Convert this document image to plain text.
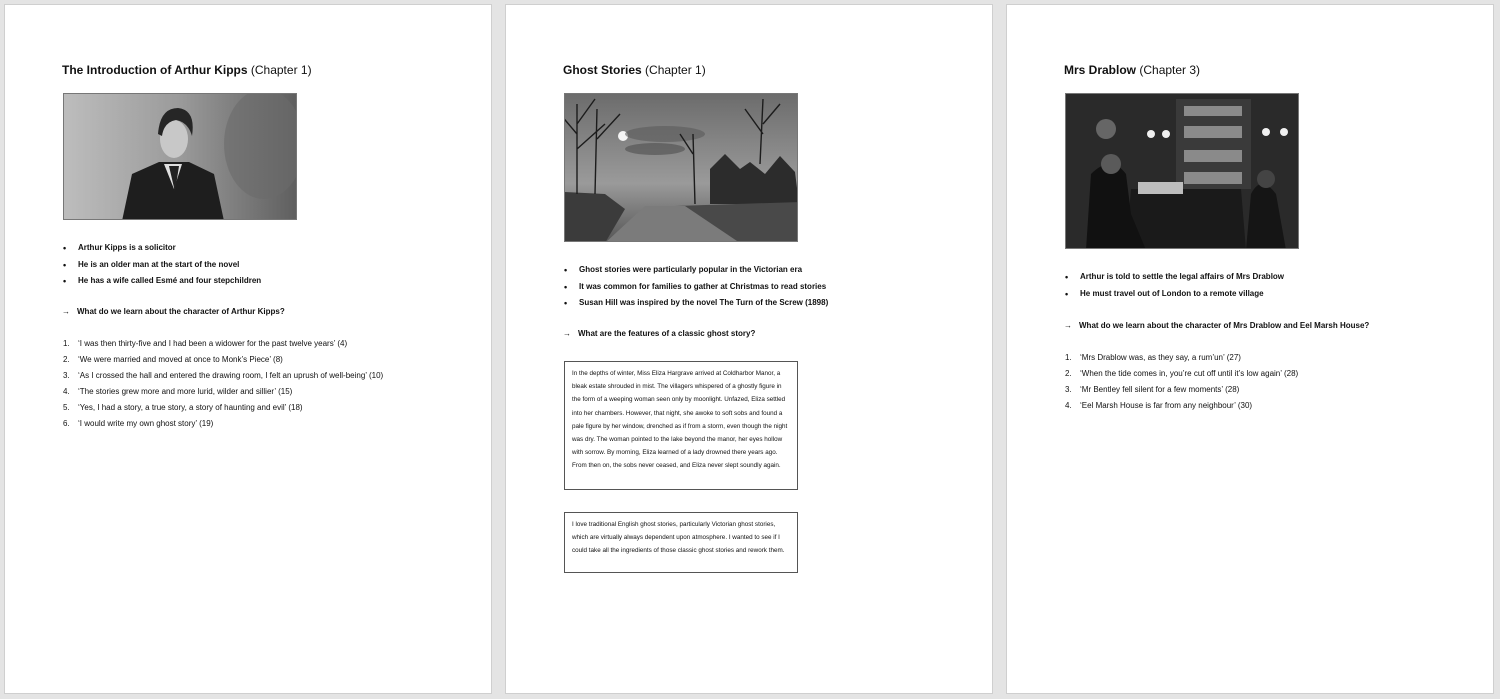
The Introduction of Arthur Kipps (Chapter 1)
• Arthur Kipps is a solicitor
• He is an older man at the start of the novel
• He has a wife called Esmé and four stepchildren
→ What do we learn about the character of Arthur Kipps?
1. ‘I was then thirty-five and I had been a widower for the past twelve years’ (4)
2. ‘We were married and moved at once to Monk’s Piece’ (8)
3. ‘As I crossed the hall and entered the drawing room, I felt an uprush of well-being’ (10)
4. ‘The stories grew more and more lurid, wilder and sillier’ (15)
5. ‘Yes, I had a story, a true story, a story of haunting and evil’ (18)
6. ‘I would write my own ghost story’ (19)
Ghost Stories (Chapter 1)
• Ghost stories were particularly popular in the Victorian era
• It was common for families to gather at Christmas to read stories
• Susan Hill was inspired by the novel The Turn of the Screw (1898)
→ What are the features of a classic ghost story?
In the depths of winter, Miss Eliza Hargrave arrived at Coldharbor Manor, a bleak estate shrouded in mist. The villagers whispered of a ghostly figure in the form of a weeping woman seen only by moonlight. Unfazed, Eliza settled into her chambers. However, that night, she awoke to soft sobs and found a pale figure by her window, drenched as if from a storm, even though the night was dry. The woman pointed to the lake beyond the manor, her eyes hollow with sorrow. By morning, Eliza learned of a lady drowned there years ago. From then on, the sobs never ceased, and Eliza never slept soundly again.
I love traditional English ghost stories, particularly Victorian ghost stories, which are virtually always dependent upon atmosphere. I wanted to see if I could take all the ingredients of those classic ghost stories and rework them.
Mrs Drablow (Chapter 3)
• Arthur is told to settle the legal affairs of Mrs Drablow
• He must travel out of London to a remote village
→ What do we learn about the character of Mrs Drablow and Eel Marsh House?
1. ‘Mrs Drablow was, as they say, a rum’un’ (27)
2. ‘When the tide comes in, you’re cut off until it’s low again’ (28)
3. ‘Mr Bentley fell silent for a few moments’ (28)
4. ‘Eel Marsh House is far from any neighbour’ (30)
